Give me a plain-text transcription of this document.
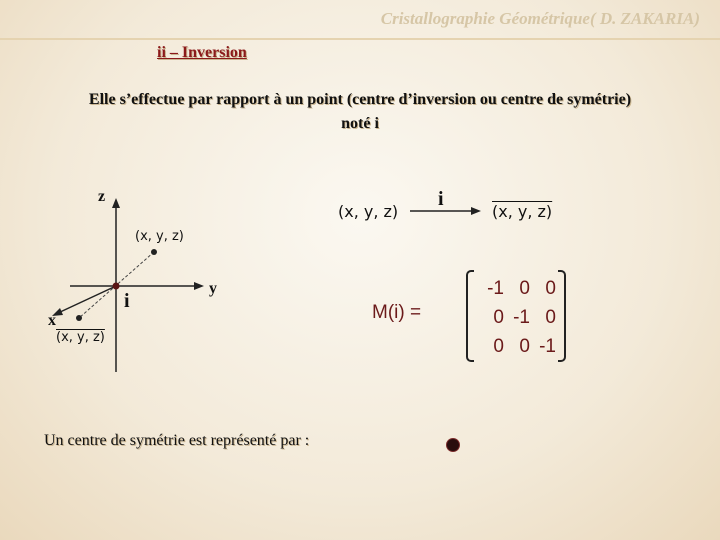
Cristallographie Géométrique( D. ZAKARIA)
ii – Inversion
Elle s’effectue par rapport à un point (centre d’inversion ou centre de symétrie)
noté i
z
y
x
i
(x, y, z)
(x, y, z)
(x, y, z)
i
(x, y, z)
M(i) =
-1 0 0
0 -1 0
0 0 -1
Un centre de symétrie est représenté par :
